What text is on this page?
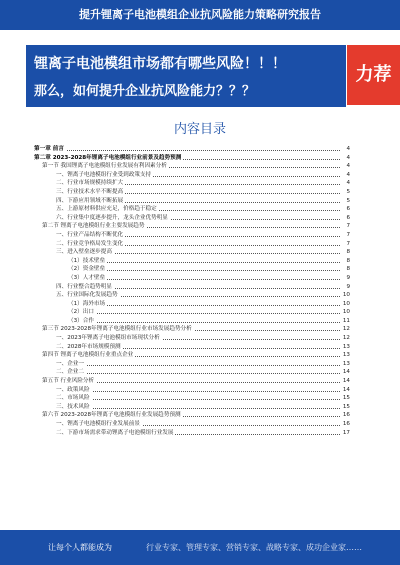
提升锂离子电池模组企业抗风险能力策略研究报告
锂离子电池模组市场都有哪些风险！！！
那么，如何提升企业抗风险能力？？？
力荐
内容目录
第一章 前言	4
第二章 2023-2028年锂离子电池模组行业前景及趋势预测	4
第一节 我国锂离子电池模组行业发展有利因素分析	4
一、锂离子电池模组行业受到政策支持	4
二、行业市场规模持续扩大	4
三、行业技术水平不断提高	5
四、下游应用领域不断拓展	5
五、上游原材料供应充足，价格趋于稳定	6
六、行业集中度逐步提升，龙头企业优势明显	6
第二节 锂离子电池模组行业主要发展趋势	7
一、行业产品结构不断优化	7
二、行业竞争格局发生变化	7
三、进入壁垒逐步提高	8
（1）技术壁垒	8
（2）资金壁垒	8
（3）人才壁垒	9
四、行业整合趋势明显	9
五、行业国际化发展趋势	10
（1）海外市场	10
（2）出口	10
（3）合作	11
第三节 2023-2028年锂离子电池模组行业市场发展趋势分析	12
一、2023年锂离子电池模组市场现状分析	12
二、2028年市场规模预测	13
第四节 锂离子电池模组行业重点企业	13
一、企业一	13
二、企业二	14
第五节 行业风险分析	14
一、政策风险	14
二、市场风险	15
三、技术风险	15
第六节 2023-2028年锂离子电池模组行业发展趋势预测	16
一、锂离子电池模组行业发展前景	16
二、下游市场需求带动锂离子电池模组行业发展	17
让每个人都能成为	行业专家、管理专家、营销专家、战略专家、成功企业家……
